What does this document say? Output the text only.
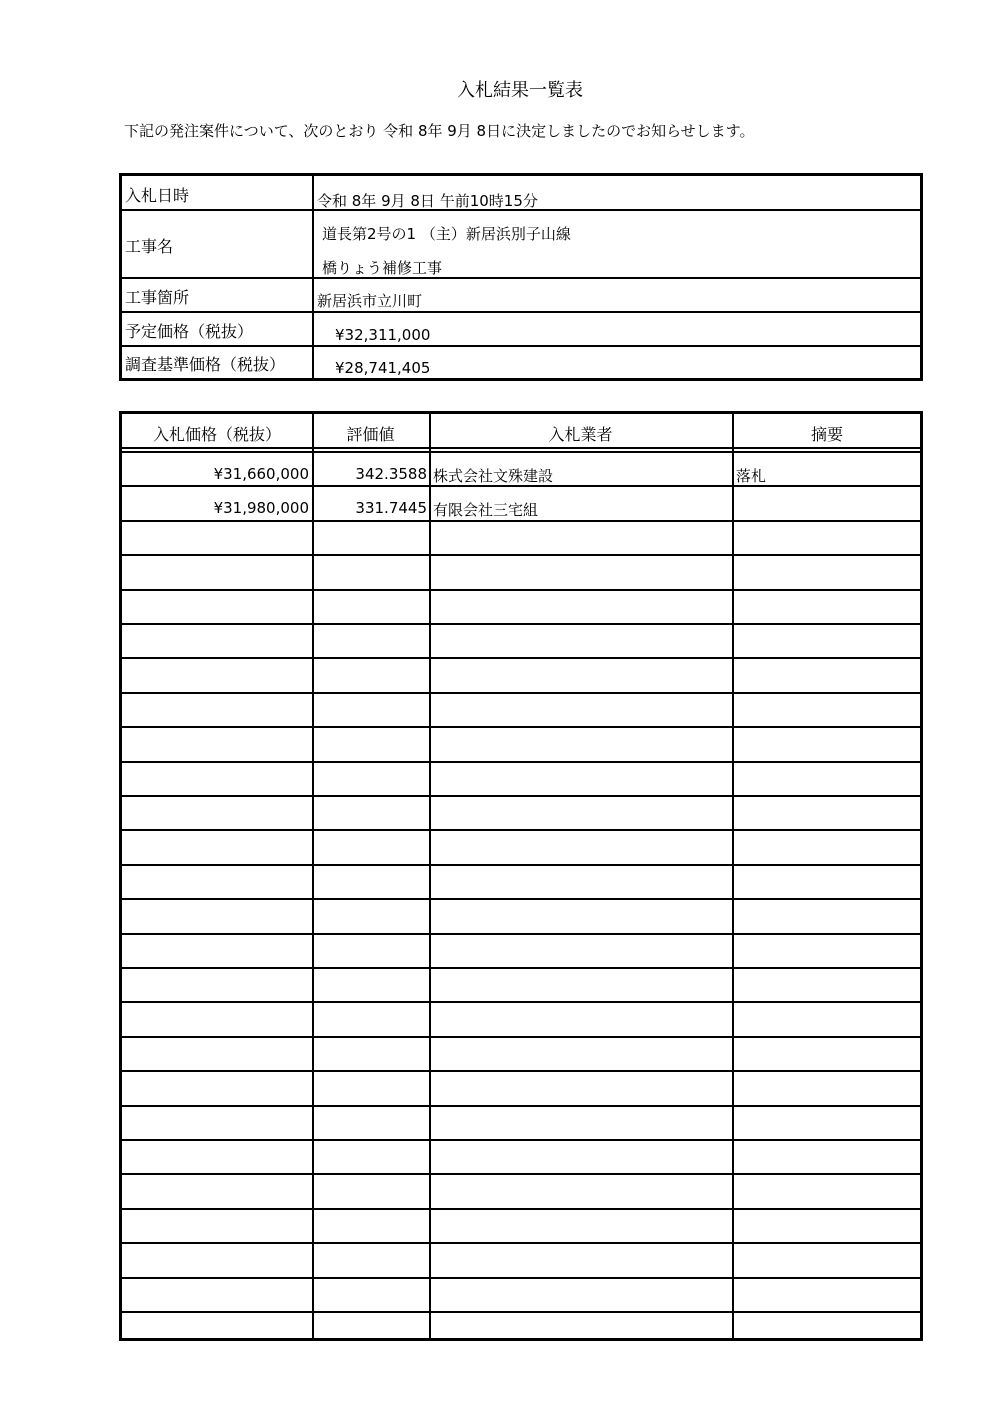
入札結果一覧表
下記の発注案件について、次のとおり 令和 8年 9月 8日に決定しましたのでお知らせします。
入札日時	令和 8年 9月 8日 午前10時15分
工事名
道長第2号の1 （主）新居浜別子山線
橋りょう補修工事
工事箇所	新居浜市立川町
予定価格（税抜）	¥32,311,000
調査基準価格（税抜）	¥28,741,405
入札価格（税抜）	評価値	入札業者	摘要
¥31,660,000	342.3588 株式会社文殊建設	落札
¥31,980,000	331.7445 有限会社三宅組
